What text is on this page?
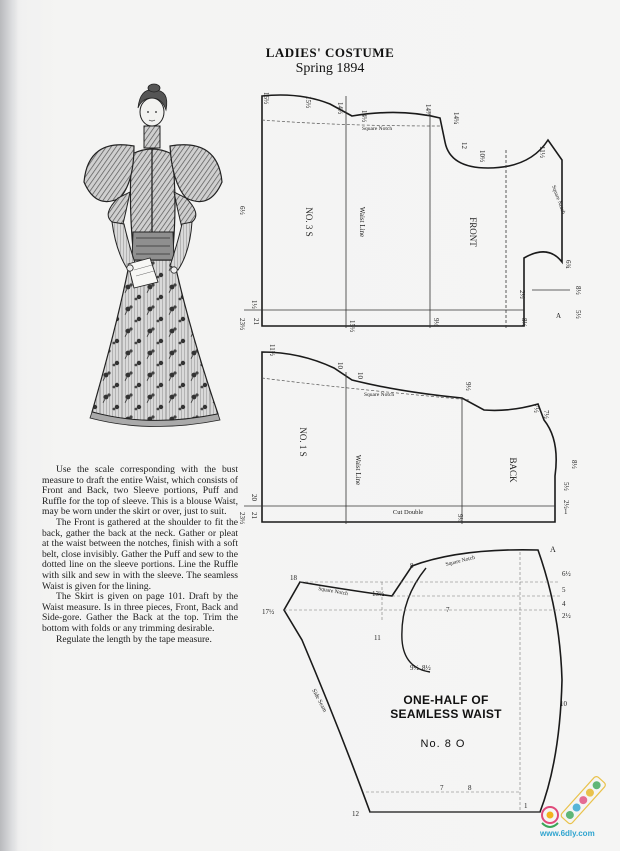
LADIES' COSTUME
Spring 1894
NO. 3 S	FRONT
Waist Line
Square Notch
Square Notch
16½	15½	14½
14½	14½
14¼
12
10½	11½
6½
6¾
8½
5½
2½
1½
21
23½	15½	9¼	8½
A
NO. 1 S
BACK
Waist Line
Cut Double
Square Notch
11½
10
10
9½
7½
7½
8½
5½
2½
1
20
21
23½	9¼
Square Notch
Square Notch
Side Seam
A
18
17½
13½
11
9½ 8½
8
7
6½
5
4
2½
10
12
8
7
1

Use the scale corresponding with the bust measure to draft the entire Waist, which consists of Front and Back, two Sleeve portions, Puff and Ruffle for the top of sleeve. This is a blouse Waist, may be worn under the skirt or over, just to suit.

The Front is gathered at the shoulder to fit the back, gather the back at the neck. Gather or pleat at the waist between the notches, finish with a soft belt, close invisibly. Gather the Puff and sew to the dotted line on the sleeve portions. Line the Ruffle with silk and sew in with the sleeve. The seamless Waist is given for the lining.

The Skirt is given on page 101. Draft by the Waist measure. Is in three pieces, Front, Back and Side-gore. Gather the Back at the top. Trim the bottom with folds or any trimming desirable.

Regulate the length by the tape measure.

ONE-HALF OF SEAMLESS WAIST
No. 8 O
www.6dly.com
